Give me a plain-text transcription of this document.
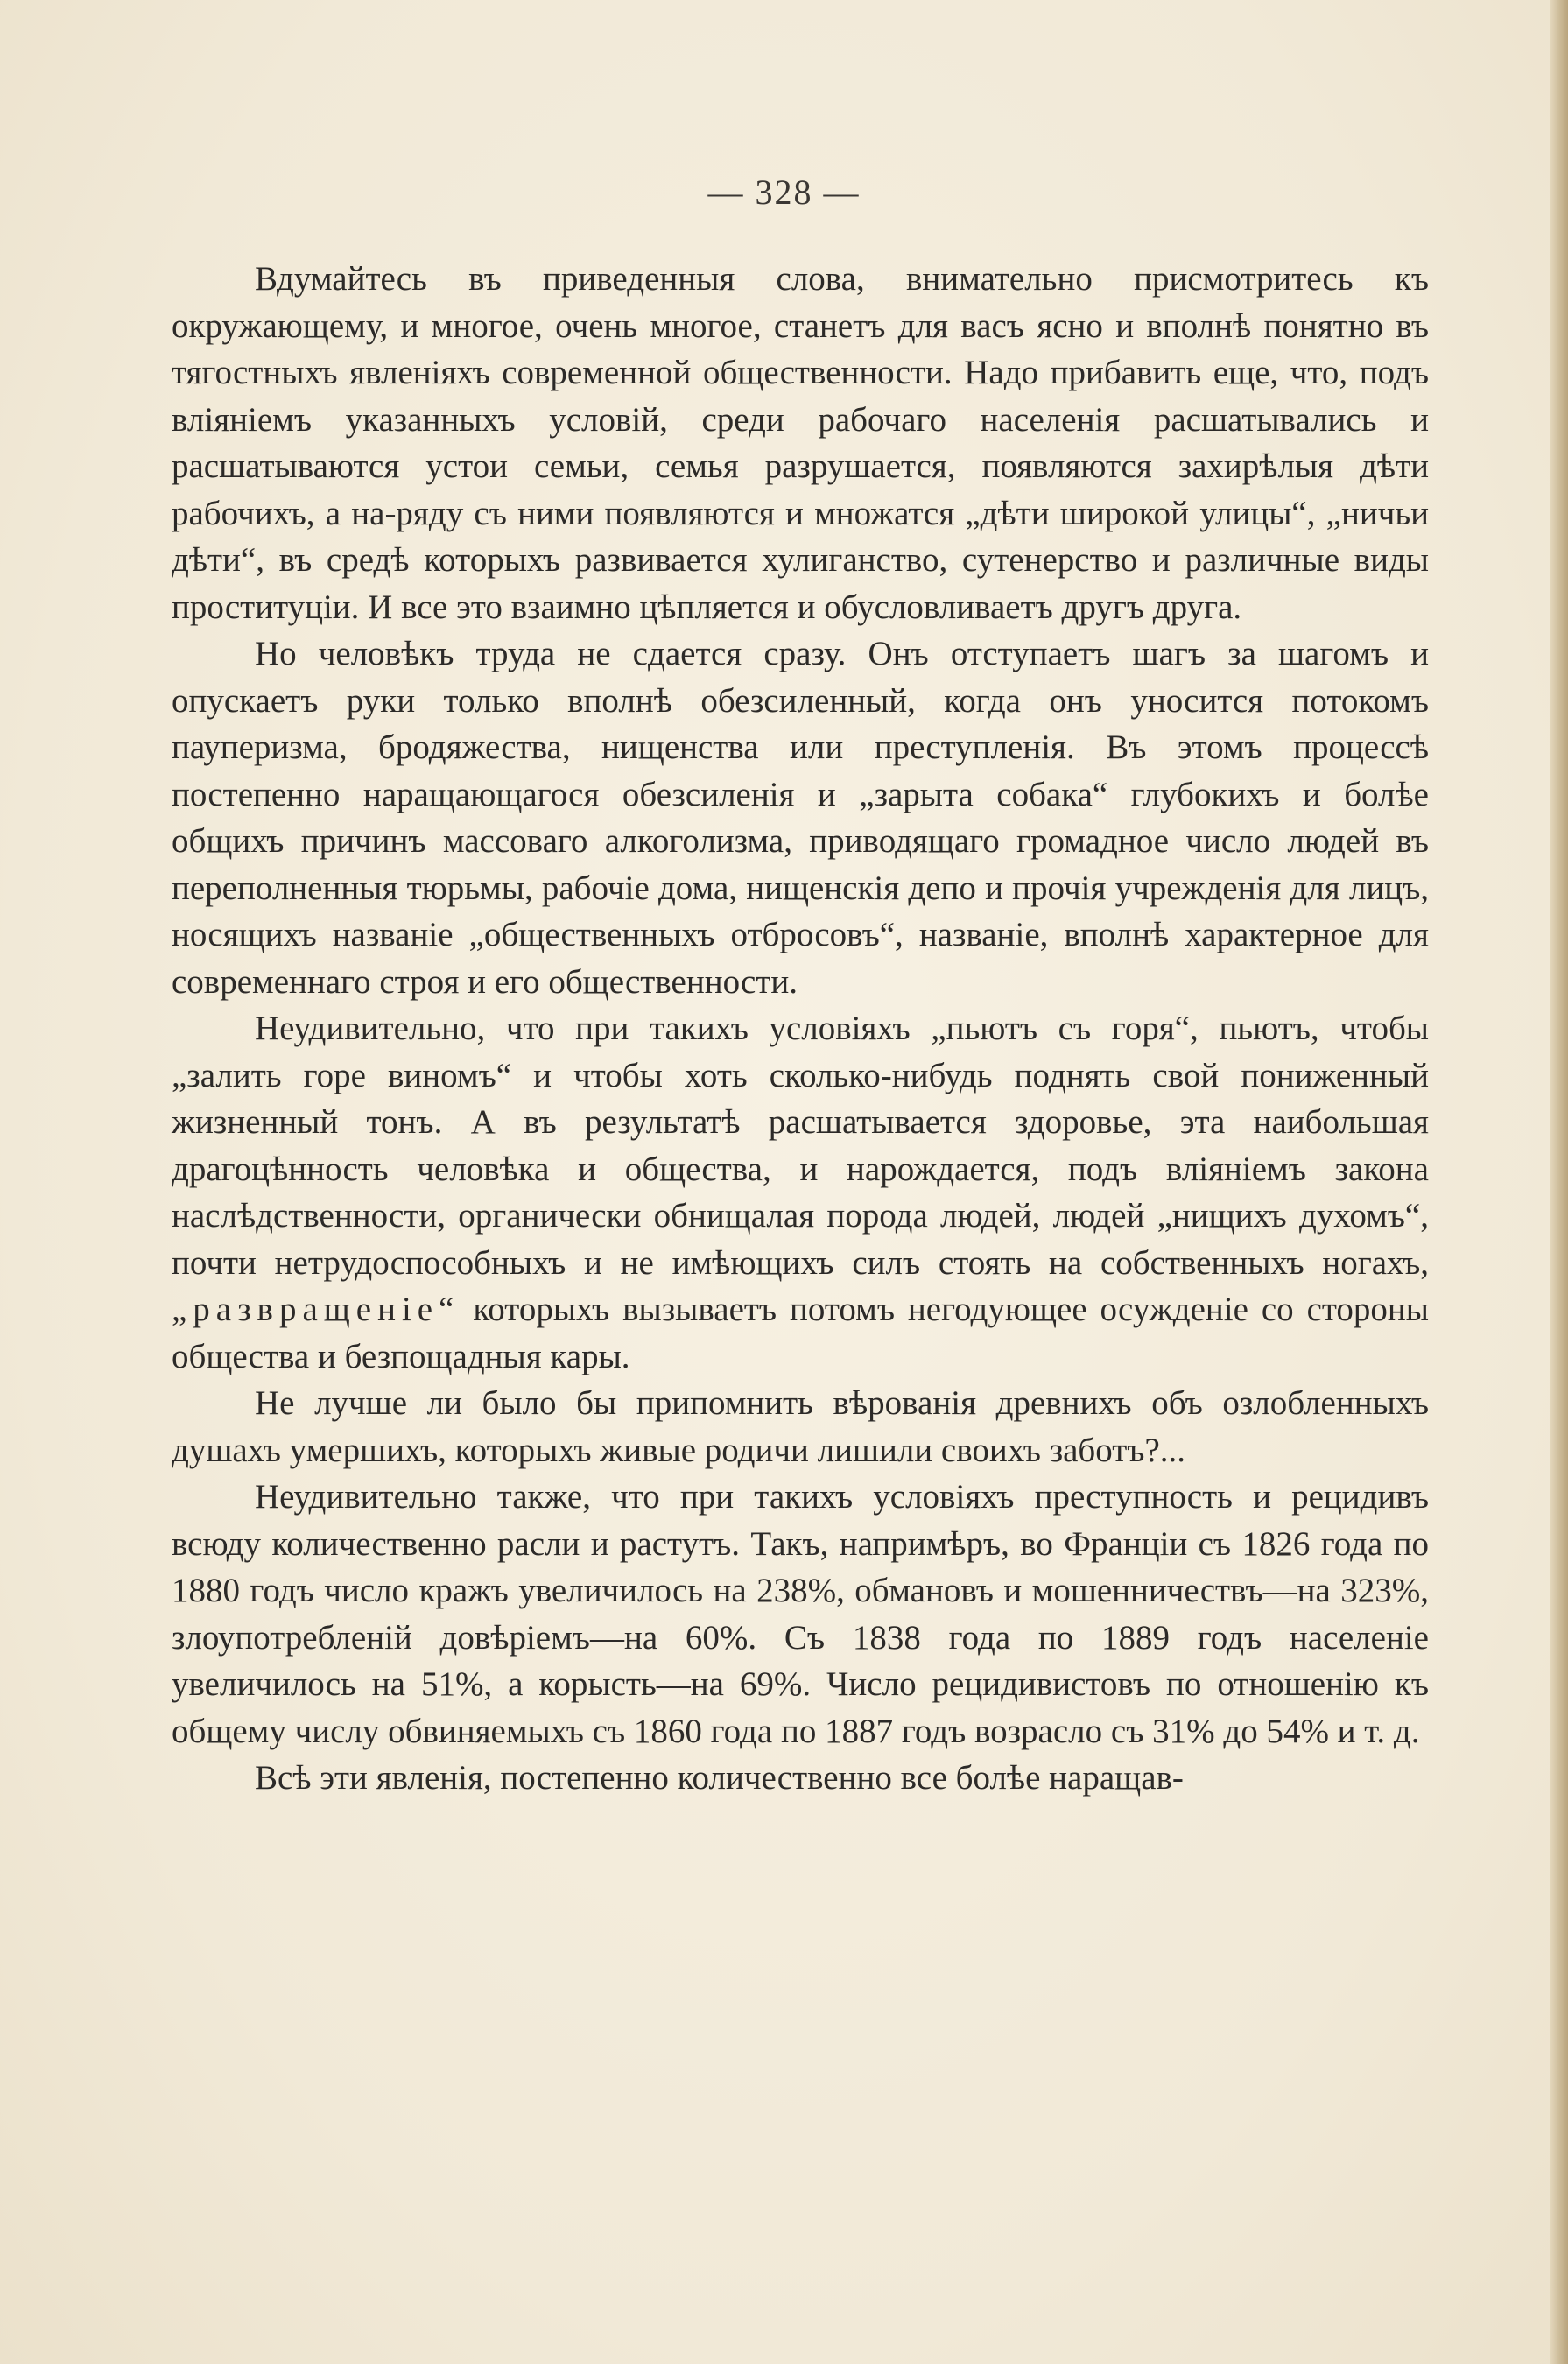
— 328 —

Вдумайтесь въ приведенныя слова, внимательно присмотритесь къ окружающему, и многое, очень многое, станетъ для васъ ясно и вполнѣ понятно въ тягостныхъ явленіяхъ современной общественности. Надо прибавить еще, что, подъ вліяніемъ указанныхъ условій, среди рабочаго населенія расшатывались и расшатываются устои семьи, семья разрушается, появляются захирѣлыя дѣти рабочихъ, а на-ряду съ ними появляются и множатся „дѣти широкой улицы“, „ничьи дѣти“, въ средѣ которыхъ развивается хулиганство, сутенерство и различные виды проституціи. И все это взаимно цѣпляется и обусловливаетъ другъ друга.

Но человѣкъ труда не сдается сразу. Онъ отступаетъ шагъ за шагомъ и опускаетъ руки только вполнѣ обезсиленный, когда онъ уносится потокомъ пауперизма, бродяжества, нищенства или преступленія. Въ этомъ процессѣ постепенно наращающагося обезсиленія и „зарыта собака“ глубокихъ и болѣе общихъ причинъ массоваго алкоголизма, приводящаго громадное число людей въ переполненныя тюрьмы, рабочіе дома, нищенскія депо и прочія учрежденія для лицъ, носящихъ названіе „общественныхъ отбросовъ“, названіе, вполнѣ характерное для современнаго строя и его общественности.

Неудивительно, что при такихъ условіяхъ „пьютъ съ горя“, пьютъ, чтобы „залить горе виномъ“ и чтобы хоть сколько-нибудь поднять свой пониженный жизненный тонъ. А въ результатѣ расшатывается здоровье, эта наибольшая драгоцѣнность человѣка и общества, и нарождается, подъ вліяніемъ закона наслѣдственности, органически обнищалая порода людей, людей „нищихъ духомъ“, почти нетрудоспособныхъ и не имѣющихъ силъ стоять на собственныхъ ногахъ, „развращеніе“ которыхъ вызываетъ потомъ негодующее осужденіе со стороны общества и безпощадныя кары.

Не лучше ли было бы припомнить вѣрованія древнихъ объ озлобленныхъ душахъ умершихъ, которыхъ живые родичи лишили своихъ заботъ?...

Неудивительно также, что при такихъ условіяхъ преступность и рецидивъ всюду количественно расли и растутъ. Такъ, напримѣръ, во Франціи съ 1826 года по 1880 годъ число кражъ увеличилось на 238%, обмановъ и мошенничествъ—на 323%, злоупотребленій довѣріемъ—на 60%. Съ 1838 года по 1889 годъ населеніе увеличилось на 51%, а корысть—на 69%. Число рецидивистовъ по отношенію къ общему числу обвиняемыхъ съ 1860 года по 1887 годъ возрасло съ 31% до 54% и т. д.

Всѣ эти явленія, постепенно количественно все болѣе наращав-
